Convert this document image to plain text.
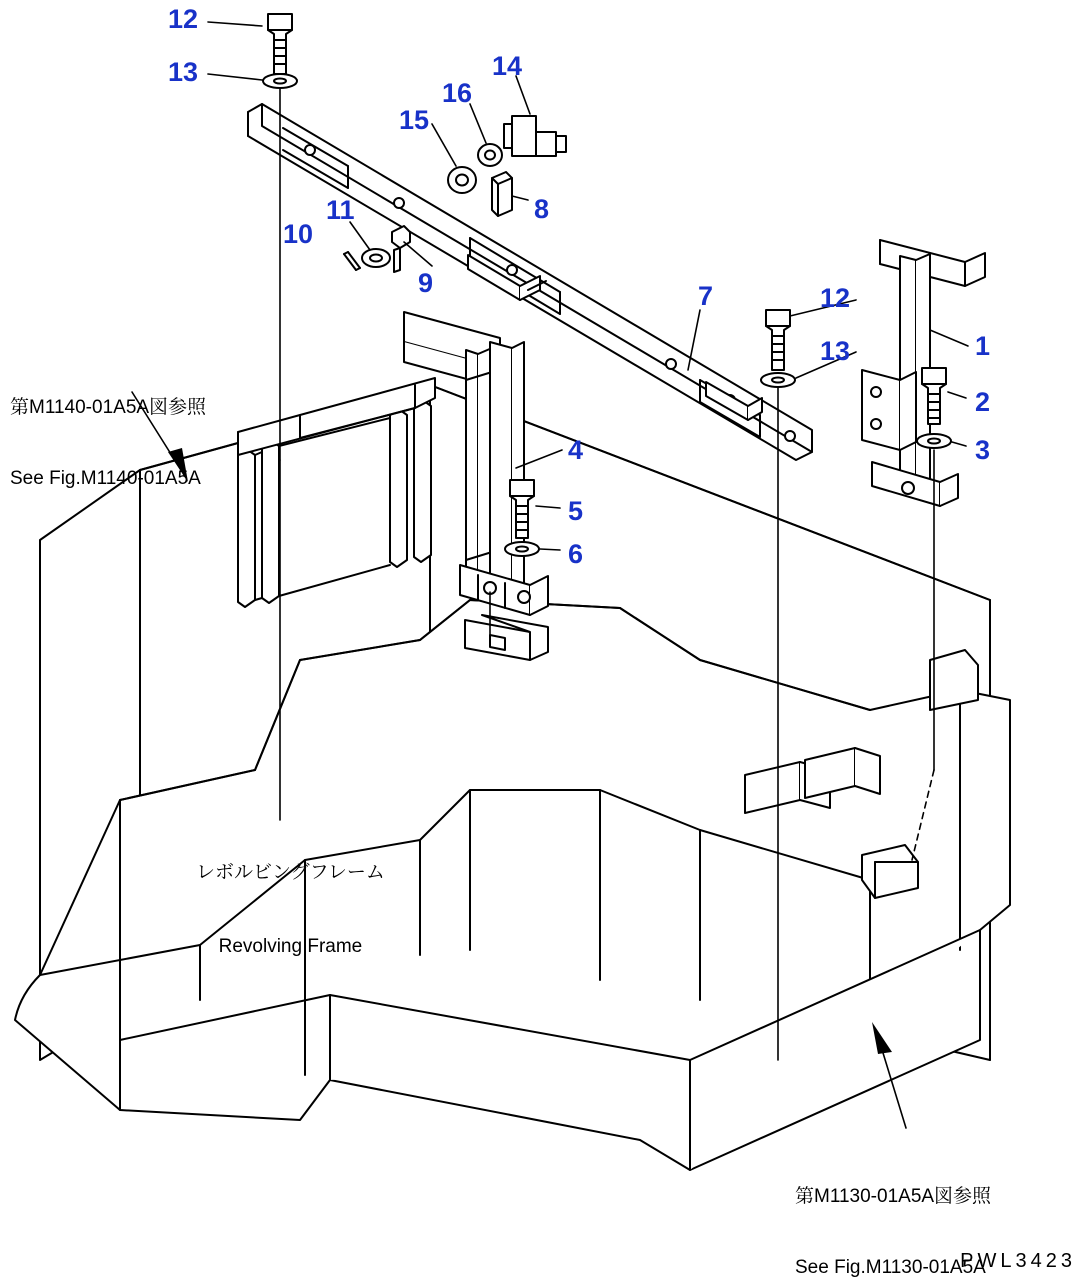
12
13	14
16
15
8
11
10
9	7	12
1
13
2
3
4
5
6

第M1140-01A5A図参照

See Fig.M1140-01A5A

第M1130-01A5A図参照

See Fig.M1130-01A5A

レボルビングフレーム

Revolving Frame

PWL3423
